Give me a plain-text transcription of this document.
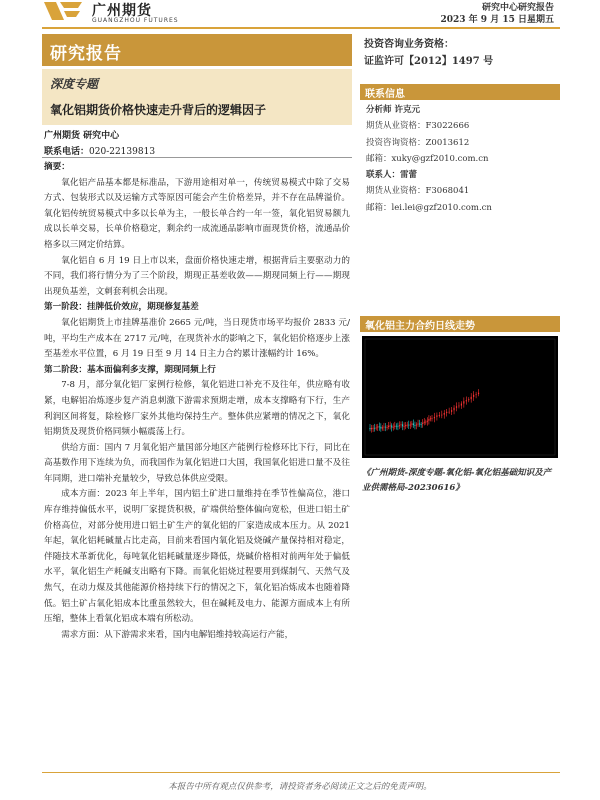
广州期货
GUANGZHOU FUTURES
研究中心研究报告
2023 年 9 月 15 日星期五
研究报告	投资咨询业务资格：
证监许可【2012】1497 号
深度专题
氧化铝期货价格快速走升背后的逻辑因子
广州期货 研究中心
联系电话：020-22139813

摘要：

氧化铝产品基本都是标准品，下游用途相对单一，传统贸易模式中除了交易方式、包装形式以及运输方式等原因可能会产生价格差异，并不存在品牌溢价。氧化铝传统贸易模式中多以长单为主，一般长单合约一年一签，氧化铝贸易额九成以长单交易，长单价格稳定，剩余约一成流通品影响市面现货价格，流通品价格多以三网定价结算。

氧化铝自 6 月 19 日上市以来，盘面价格快速走增，根据背后主要驱动力的不同，我们将行情分为了三个阶段，期现正基差收敛——期现同频上行——期现出现负基差，文刺套利机会出现。

第一阶段：挂牌低价效应，期现修复基差

氧化铝期货上市挂牌基准价 2665 元/吨，当日现货市场平均报价 2833 元/吨，平均生产成本在 2717 元/吨，在现货补水的影响之下，氧化铝价格逐步上涨至基差水平位置，6 月 19 日至 9 月 14 日主力合约累计涨幅约计 16%。

第二阶段：基本面偏利多支撑，期现同频上行

7-8 月，部分氧化铝厂家例行检修，氧化铝进口补充不及往年，供应略有收紧，电解铝冶炼逐步复产消息刺激下游需求预期走增，成本支撑略有下行，生产利润区间将复，除检修厂家外其他均保持生产。整体供应紧增的情况之下，氧化铝期货及现货价格同频小幅震荡上行。

供给方面：国内 7 月氧化铝产量国部分地区产能例行检修环比下行，同比在高基数作用下连续为负，而我国作为氧化铝进口大国，我国氧化铝进口量不及往年同期，进口端补充量较少，导致总体供应受限。

成本方面：2023 年上半年，国内铝土矿进口量维持在季节性偏高位，港口库存维持偏低水平，说明厂家提货积极，矿端供给整体偏向宽松，但进口铝土矿价格高位，对部分使用进口铝土矿生产的氧化铝的厂家造成成本压力。从 2021 年起，氧化铝耗碱量占比走高，目前来看国内氧化铝及烧碱产量保持相对稳定，伴随技术革新优化，每吨氧化铝耗碱量逐步降低，烧碱价格相对前两年处于偏低水平，氧化铝生产耗碱支出略有下降。而氧化铝烧过程要用到煤制气、天然气及焦气，在动力煤及其他能源价格持续下行的情况之下，氧化铝冶炼成本也随着降低。铝土矿占氧化铝成本比重虽然较大，但在碱耗及电力、能源方面成本上有所压缩，整体上看氧化铝成本端有所松动。

需求方面：从下游需求来看，国内电解铝维持较高运行产能，

联系信息
分析师 许克元
期货从业资格：F3022666
投资咨询资格：Z0013612
邮箱：xuky@gzf2010.com.cn
联系人：雷蕾
期货从业资格：F3068041
邮箱：lei.lei@gzf2010.com.cn
氧化铝主力合约日线走势
《广州期货-深度专题-氧化铝-氧化铝基础知识及产业供需格局-20230616》
本报告中所有观点仅供参考，请投资者务必阅读正文之后的免责声明。
